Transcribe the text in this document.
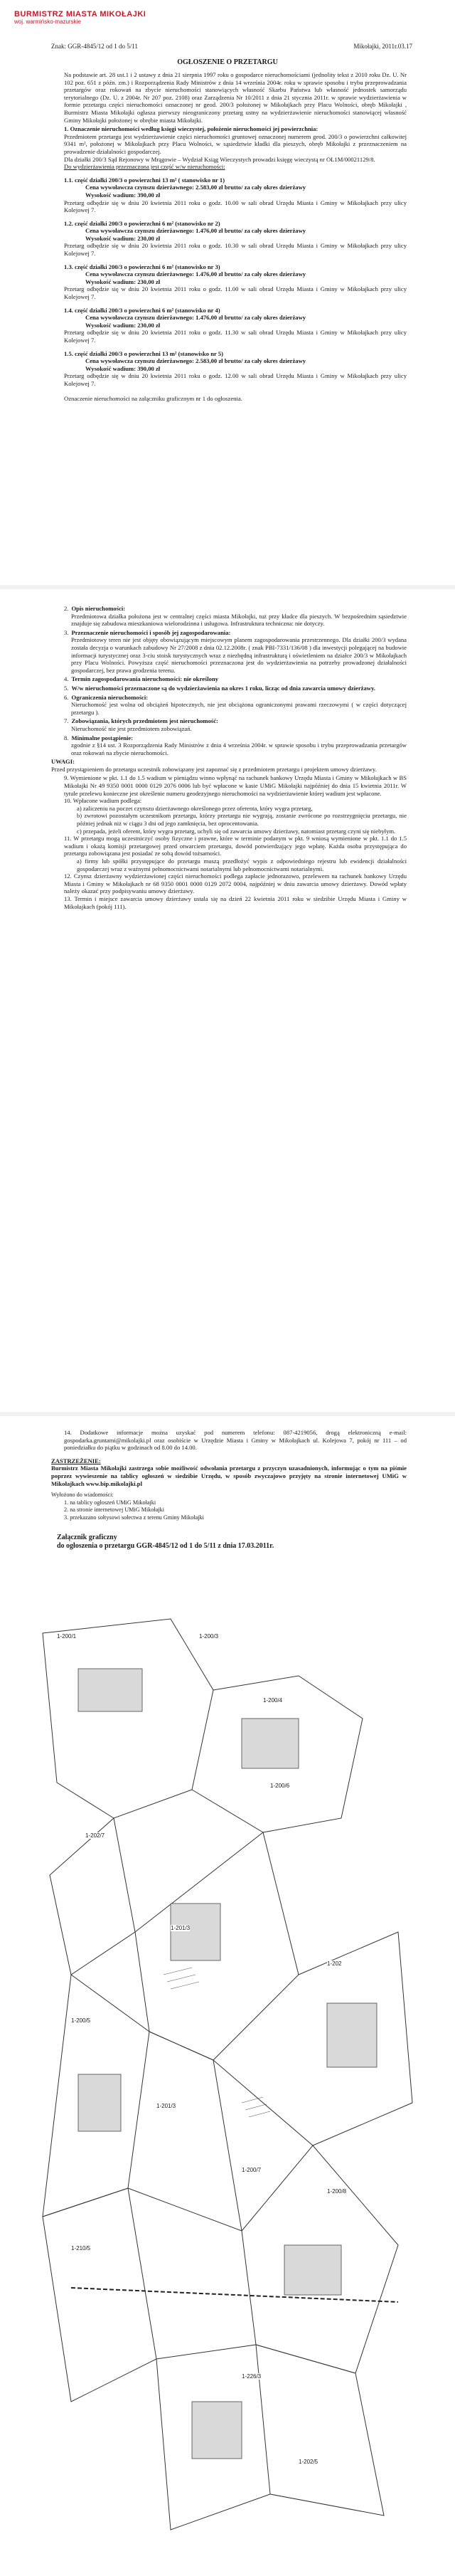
BURMISTRZ MIASTA MIKOŁAJKI
woj. warmińsko-mazurskie
Znak: GGR-4845/12 od 1 do 5/11	Mikołajki, 2011r.03.17
OGŁOSZENIE O PRZETARGU
Na podstawie art. 28 ust.1 i 2 ustawy z dnia 21 sierpnia 1997 roku o gospodarce nieruchomościami (jednolity tekst z 2010 roku Dz. U. Nr 102 poz. 651 z późn. zm.) i Rozporządzenia Rady Ministrów z dnia 14 września 2004r. roku w sprawie sposobu i trybu przeprowadzania przetargów oraz rokowań na zbycie nieruchomości stanowiących własność Skarbu Państwa lub własność jednostek samorządu terytorialnego (Dz. U. z 2004r. Nr 207 poz. 2108) oraz Zarządzenia Nr 10/2011 z dnia 21 stycznia 2011r. w sprawie wydzierżawienia w formie przetargu części nieruchomości oznaczonej nr geod. 200/3 położonej w Mikołajkach przy Placu Wolności, obręb Mikołajki , Burmistrz Miasta Mikołajki ogłasza pierwszy nieograniczony przetarg ustny na wydzierżawienie nieruchomości stanowiącej własność Gminy Mikołajki położonej w obrębie miasta Mikołajki.
1. Oznaczenie nieruchomości według księgi wieczystej, położenie nieruchomości jej powierzchnia:
Przedmiotem przetargu jest wydzierżawienie części nieruchomości gruntowej oznaczonej numerem geod. 200/3 o powierzchni całkowitej 9341 m², położonej w Mikołajkach przy Placu Wolności, w sąsiedztwie kładki dla pieszych, obręb Mikołajki z przeznaczeniem na prowadzenie działalności gospodarczej.
Dla działki 200/3 Sąd Rejonowy w Mrągowie – Wydział Ksiąg Wieczystych prowadzi księgę wieczystą nr OL1M/00021129/8.
Do wydzierżawienia przeznaczona jest część w/w nieruchomości:
1.1. część działki 200/3 o powierzchni 13 m² ( stanowisko nr 1)
Cena wywoławcza czynszu dzierżawnego: 2.583,00 zł brutto/ za cały okres dzierżawy
Wysokość wadium: 390,00 zł
Przetarg odbędzie się w dniu 20 kwietnia 2011 roku o godz. 10.00 w sali obrad Urzędu Miasta i Gminy w Mikołajkach przy ulicy Kolejowej 7.
1.2. część działki 200/3 o powierzchni 6 m² (stanowisko nr 2)
Cena wywoławcza czynszu dzierżawnego: 1.476,00 zł brutto/ za cały okres dzierżawy
Wysokość wadium: 230,00 zł
Przetarg odbędzie się w dniu 20 kwietnia 2011 roku o godz. 10.30 w sali obrad Urzędu Miasta i Gminy w Mikołajkach przy ulicy Kolejowej 7.
1.3. część działki 200/3 o powierzchni 6 m² (stanowisko nr 3)
Cena wywoławcza czynszu dzierżawnego: 1.476,00 zł brutto/ za cały okres dzierżawy
Wysokość wadium: 230,00 zł
Przetarg odbędzie się w dniu 20 kwietnia 2011 roku o godz. 11.00 w sali obrad Urzędu Miasta i Gminy w Mikołajkach przy ulicy Kolejowej 7.
1.4. część działki 200/3 o powierzchni 6 m² (stanowisko nr 4)
Cena wywoławcza czynszu dzierżawnego: 1.476,00 zł brutto/ za cały okres dzierżawy
Wysokość wadium: 230,00 zł
Przetarg odbędzie się w dniu 20 kwietnia 2011 roku o godz. 11.30 w sali obrad Urzędu Miasta i Gminy w Mikołajkach przy ulicy Kolejowej 7.
1.5. część działki 200/3 o powierzchni 13 m² (stanowisko nr 5)
Cena wywoławcza czynszu dzierżawnego: 2.583,00 zł brutto/ za cały okres dzierżawy
Wysokość wadium: 390,00 zł
Przetarg odbędzie się w dniu 20 kwietnia 2011 roku o godz. 12.00 w sali obrad Urzędu Miasta i Gminy w Mikołajkach przy ulicy Kolejowej 7.
Oznaczenie nieruchomości na załączniku graficznym nr 1 do ogłoszenia.
2. Opis nieruchomości:
Przedmiotowa działka położona jest w centralnej części miasta Mikołajki, tuż przy kładce dla pieszych. W bezpośrednim sąsiedztwie znajduje się zabudowa mieszkaniowa wielorodzinna i usługowa. Infrastruktura techniczna: nie dotyczy.
3. Przeznaczenie nieruchomości i sposób jej zagospodarowania:
Przedmiotowy teren nie jest objęty obowiązującym miejscowym planem zagospodarowania przestrzennego. Dla działki 200/3 wydana została decyzja o warunkach zabudowy Nr 27/2008 z dnia 02.12.2008r. ( znak PBI-7331/136/08 ) dla inwestycji polegającej na budowie informacji turystycznej oraz 3-ciu stoisk turystycznych wraz z niezbędną infrastrukturą i oświetleniem na działce 200/3 w Mikołajkach przy Placu Wolności. Powyższa część nieruchomości przeznaczona jest do wydzierżawienia na potrzeby prowadzonej działalności gospodarczej, bez prawa grodzenia terenu.
4. Termin zagospodarowania nieruchomości: nie określony
5. W/w nieruchomości przeznaczone są do wydzierżawienia na okres 1 roku, licząc od dnia zawarcia umowy dzierżawy.
6. Ograniczenia nieruchomości:
Nieruchomość jest wolna od obciążeń hipotecznych, nie jest obciążona ograniczonymi prawami rzeczowymi ( w części dotyczącej przetargu ).
7. Zobowiązania, których przedmiotem jest nieruchomość:
Nieruchomość nie jest przedmiotem zobowiązań.
8. Minimalne postąpienie:
zgodnie z §14 ust. 3 Rozporządzenia Rady Ministrów z dnia 4 września 2004r. w sprawie sposobu i trybu przeprowadzania przetargów oraz rokowań na zbycie nieruchomości.
UWAGI:
Przed przystąpieniem do przetargu uczestnik zobowiązany jest zapoznać się z przedmiotem przetargu i projektem umowy dzierżawy.
9. Wymienione w pkt. 1.1 do 1.5 wadium w pieniądzu winno wpłynąć na rachunek bankowy Urzędu Miasta i Gminy w Mikołajkach w BS Mikołajki Nr 49 9350 0001 0000 0129 2076 0006 lub być wpłacone w kasie UMiG Mikołajki najpóźniej do dnia 15 kwietnia 2011r. W tytule przelewu konieczne jest określenie numeru geodezyjnego nieruchomości na wydzierżawienie której wadium jest wpłacone.
10. Wpłacone wadium podlega:
a) zaliczeniu na poczet czynszu dzierżawnego określonego przez oferenta, który wygra przetarg,
b) zwrotowi pozostałym uczestnikom przetargu, którzy przetargu nie wygrają, zostanie zwrócone po rozstrzygnięciu przetargu, nie później jednak niż w ciągu 3 dni od jego zamknięcia, bez oprocentowania.
c) przepada, jeżeli oferent, który wygra przetarg, uchyli się od zawarcia umowy dzierżawy, natomiast przetarg czyni się niebyłym.
11. W przetargu mogą uczestniczyć osoby fizyczne i prawne, które w terminie podanym w pkt. 9 wniosą wymienione w pkt. 1.1 do 1.5 wadium i okażą komisji przetargowej przed otwarciem przetargu, dowód potwierdzający jego wpłatę. Każda osoba przystępująca do przetargu zobowiązana jest posiadać ze sobą dowód tożsamości.
a) firmy lub spółki przystępujące do przetargu muszą przedłożyć wypis z odpowiedniego rejestru lub ewidencji działalności gospodarczej wraz z ważnymi pełnomocnictwami notarialnymi lub pełnomocnictwami notarialnymi.
12. Czynsz dzierżawny wydzierżawionej części nieruchomości podlega zapłacie jednorazowo, przelewem na rachunek bankowy Urzędu Miasta i Gminy w Mikołajkach nr 68 9350 0001 0000 0129 2072 0004, najpóźniej w dniu zawarcia umowy dzierżawy. Dowód wpłaty należy okazać przy podpisywaniu umowy dzierżawy.
13. Termin i miejsce zawarcia umowy dzierżawy ustala się na dzień 22 kwietnia 2011 roku w siedzibie Urzędu Miasta i Gminy w Mikołajkach (pokój 111).
14. Dodatkowe informacje można uzyskać pod numerem telefonu: 087-4219056, drogą elektroniczną e-mail: gospodarka.gruntami@mikolajki.pl oraz osobiście w Urzędzie Miasta i Gminy w Mikołajkach ul. Kolejowa 7, pokój nr 111 – od poniedziałku do piątku w godzinach od 8.00 do 14.00.
ZASTRZEŻENIE:
Burmistrz Miasta Mikołajki zastrzega sobie możliwość odwołania przetargu z przyczyn uzasadnionych, informując o tym na piśmie poprzez wywieszenie na tablicy ogłoszeń w siedzibie Urzędu, w sposób zwyczajowo przyjęty na stronie internetowej UMiG w Mikołajkach www.bip.mikolajki.pl
Wyłożono do wiadomości:
1. na tablicy ogłoszeń UMiG Mikołajki
2. na stronie internetowej UMiG Mikołajki
3. przekazano sołtysowi sołectwa z terenu Gminy Mikołajki
Załącznik graficzny
do ogłoszenia o przetargu GGR-4845/12 od 1 do 5/11 z dnia 17.03.2011r.
1-200/1	1-200/3
1-200/4
1-202/7
1-200/6
1-201/3
1-202
1-200/5
1-201/3
1-200/7
1-200/8
1-210/5
1-226/3
1-202/5
